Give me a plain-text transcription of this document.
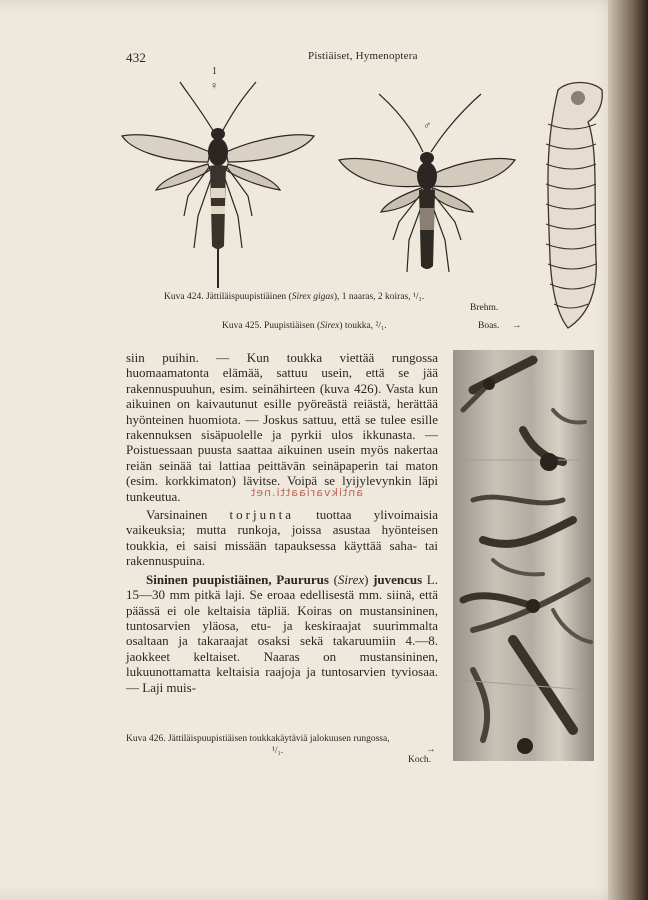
432	Pistiäiset, Hymenoptera
1
♀
♂
Kuva 424. Jättiläispuupistiäinen (Sirex gigas), 1 naaras, 2 koiras, ¹/₁.
Brehm.
Kuva 425. Puupistiäisen (Sirex) toukka, ²/₁.	Boas. →

siin puihin. — Kun toukka viettää rungossa huomaamatonta elämää, sattuu usein, että se jää rakennuspuuhun, esim. seinähirteen (kuva 426). Vasta kun aikuinen on kaivautunut esille pyöreästä reiästä, herättää hyönteinen huomiota. — Joskus sattuu, että se tulee esille rakennuksen sisäpuolelle ja pyrkii ulos ikkunasta. — Poistuessaan puusta saattaa aikuinen usein myös nakertaa reiän seinää tai lattiaa peittävän seinäpaperin tai maton (esim. korkkimaton) lävitse. Voipä se lyijylevynkin läpi tunkeutua.

Varsinainen torjunta tuottaa ylivoimaisia vaikeuksia; mutta runkoja, joissa asustaa hyönteisen toukkia, ei saisi missään tapauksessa käyttää saha- tai rakennuspuina.

Sininen puupistiäinen, Paururus (Sirex) juvencus L. 15—30 mm pitkä laji. Se eroaa edellisestä mm. siinä, että päässä ei ole keltaisia täpliä. Koiras on mustansininen, tuntosarvien yläosa, etu- ja keskiraajat suurimmalta osaltaan ja takaraajat osaksi sekä takaruumiin 4.—8. jaokkeet keltaiset. Naaras on mustansininen, lukuunottamatta keltaisia raajoja ja tuntosarvien tyviosaa. — Laji muis-

antikvariaatti.net
Kuva 426. Jättiläispuupistiäisen toukkakäytäviä jalokuusen rungossa,
¹/₁.	→
Koch.
